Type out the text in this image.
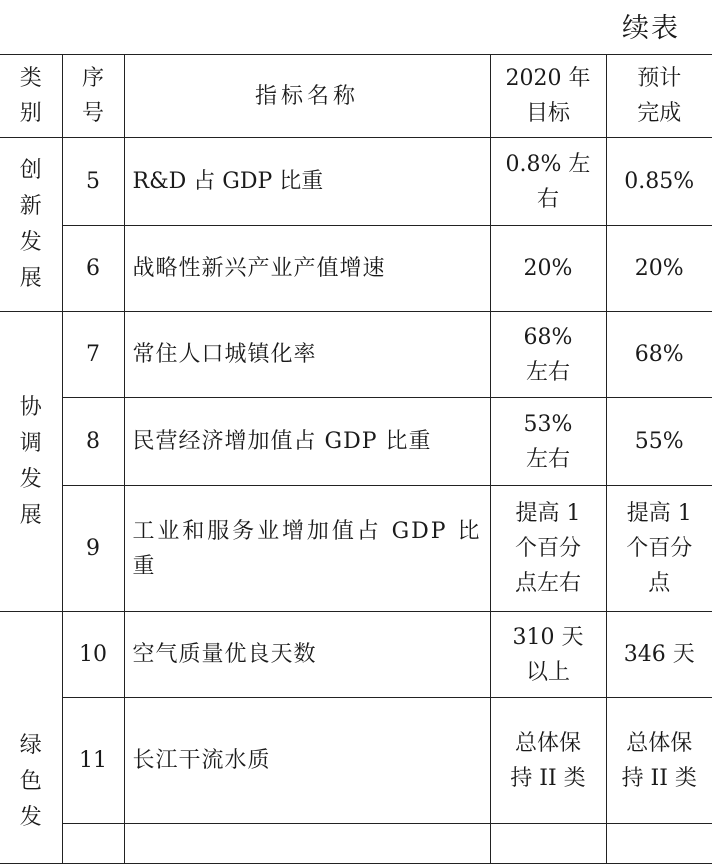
续表
类别	序号	指标名称	2020 年目标	预计完成

创新发展	5	R&D 占 GDP 比重	0.8% 左右	0.85%
	6	战略性新兴产业产值增速	20%	20%

协调发展	7	常住人口城镇化率	68% 左右	68%
	8	民营经济增加值占 GDP 比重	53% 左右	55%
	9	工业和服务业增加值占 GDP 比重	提高 1 个百分点左右	提高 1 个百分点

绿色发	10	空气质量优良天数	310 天以上	346 天
	11	长江干流水质	总体保持 II 类	总体保持 II 类
